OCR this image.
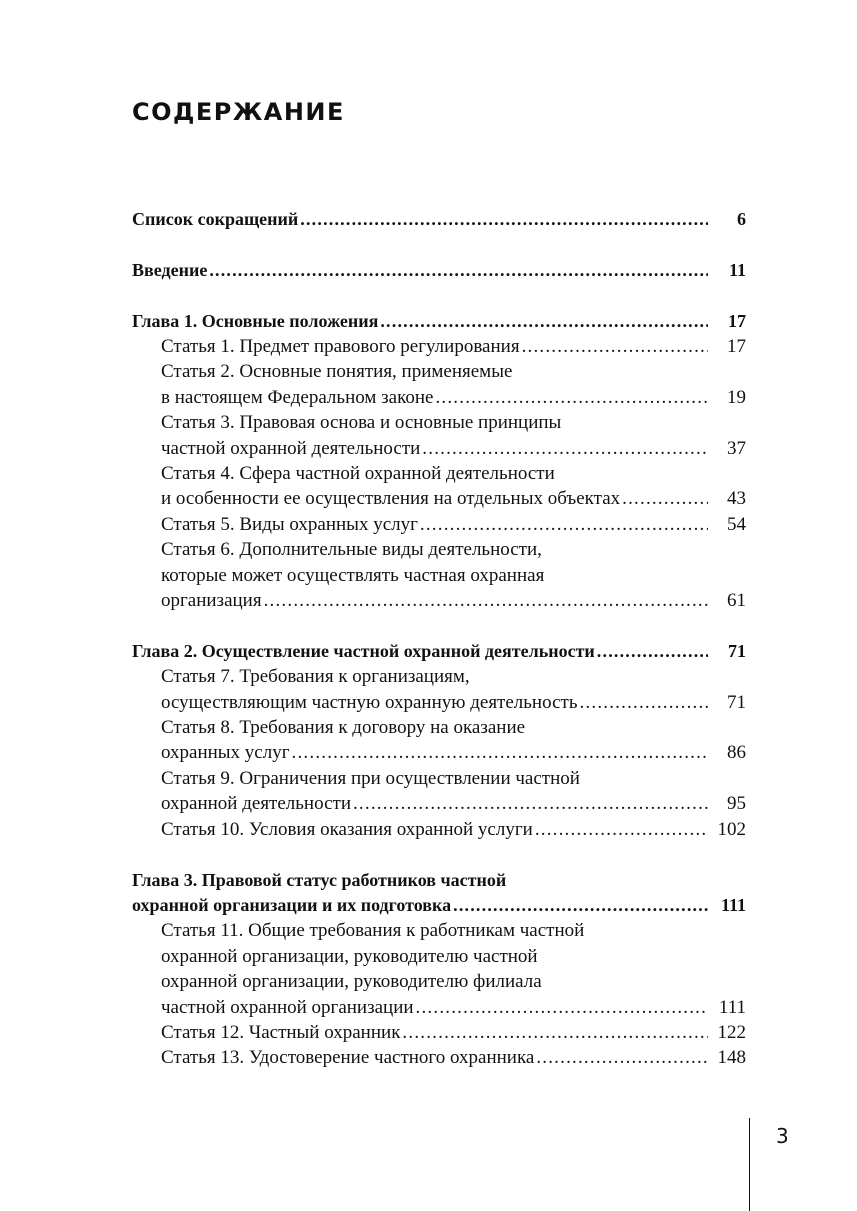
СОДЕРЖАНИЕ
Список сокращений .....	6
Введение .....	11
Глава 1. Основные положения .....	17
Статья 1. Предмет правового регулирования .....	17
Статья 2. Основные понятия, применяемые
в настоящем Федеральном законе .....	19
Статья 3. Правовая основа и основные принципы
частной охранной деятельности .....	37
Статья 4. Сфера частной охранной деятельности
и особенности ее осуществления на отдельных объектах .....	43
Статья 5. Виды охранных услуг .....	54
Статья 6. Дополнительные виды деятельности,
которые может осуществлять частная охранная
организация .....	61
Глава 2. Осуществление частной охранной деятельности .....	71
Статья 7. Требования к организациям,
осуществляющим частную охранную деятельность .....	71
Статья 8. Требования к договору на оказание
охранных услуг .....	86
Статья 9. Ограничения при осуществлении частной
охранной деятельности .....	95
Статья 10. Условия оказания охранной услуги .....	102
Глава 3. Правовой статус работников частной
охранной организации и их подготовка .....	111
Статья 11. Общие требования к работникам частной
охранной организации, руководителю частной
охранной организации, руководителю филиала
частной охранной организации .....	111
Статья 12. Частный охранник .....	122
Статья 13. Удостоверение частного охранника .....	148
3
